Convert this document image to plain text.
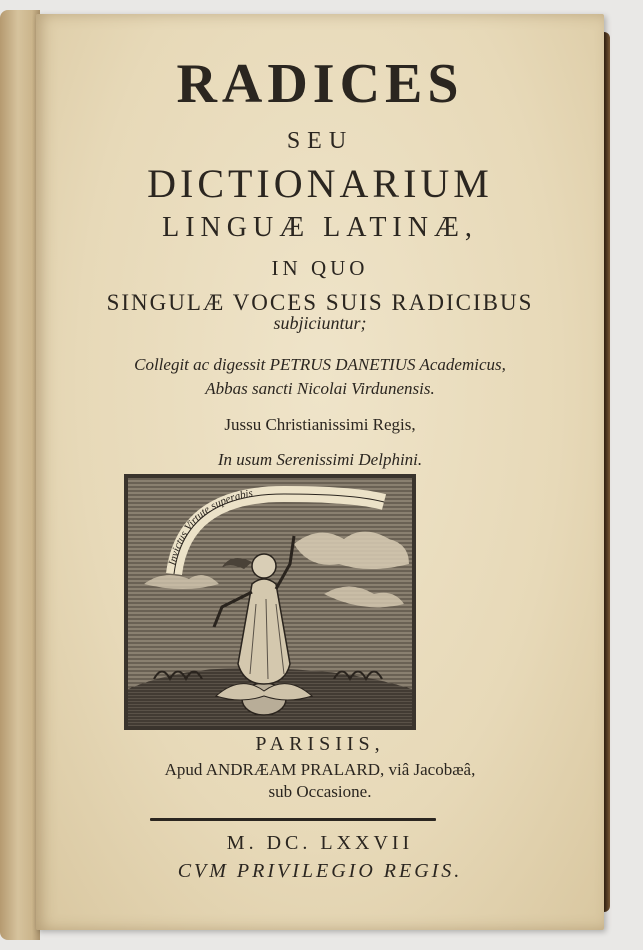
RADICES
SEU
DICTIONARIUM
LINGUÆ LATINÆ,
IN QUO
SINGULÆ VOCES SUIS RADICIBUS
subjiciuntur;
Collegit ac digessit PETRUS DANETIUS Academicus,
Abbas sancti Nicolai Virdunensis.
Jussu Christianissimi Regis,
In usum Serenissimi Delphini.
Invictus Virtute superabis
PARISIIS,
Apud ANDRÆAM PRALARD, viâ Jacobæâ,
sub Occasione.
M. DC. LXXVII
CVM PRIVILEGIO REGIS.
